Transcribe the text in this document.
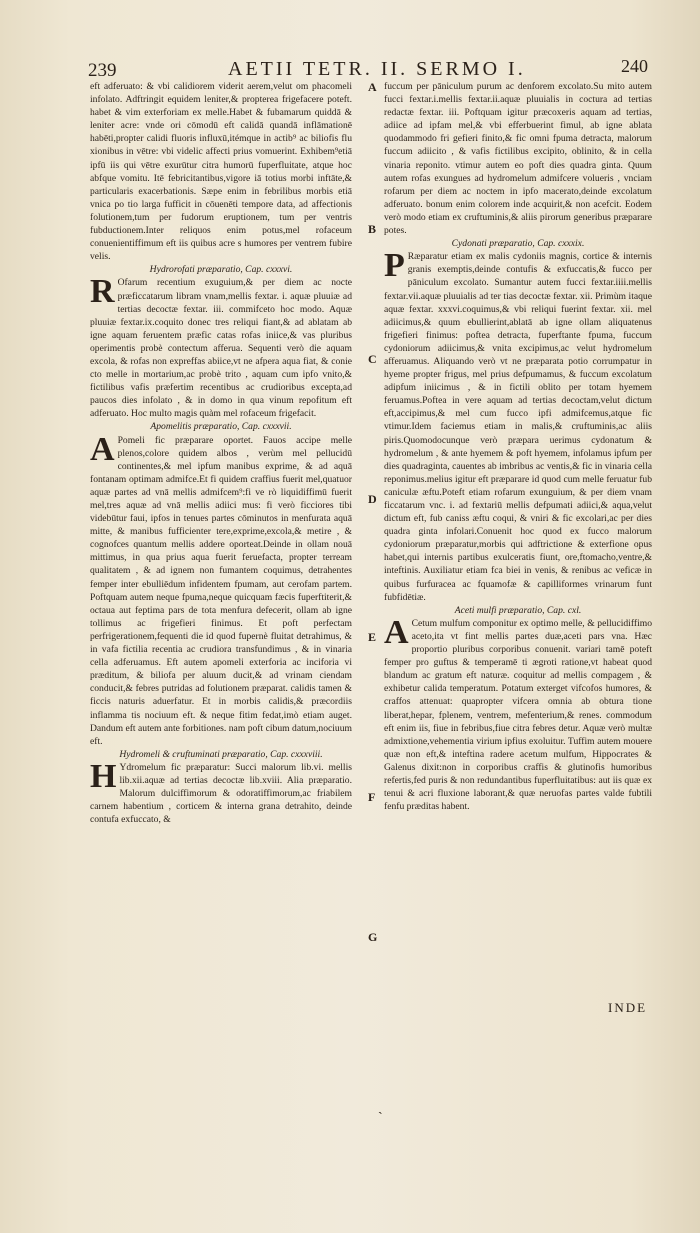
239	AETII TETR. II. SERMO I.	240
A
B
C
D
E
F
G

eft adferuato: & vbi calidiorem viderit aerem,velut om phacomeli infolato. Adftringit equidem leniter,& propterea frigefacere poteft. habet & vim exterforiam ex melle.Habet & fubamarum quiddā & leniter acre: vnde ori cōmodū eft calidā quandā inflāmationē habēti,propter calidi fluoris influxū,itémque in actib⁹ ac biliofis flu xionibus in vētre: vbi videlic affecti prius vomuerint. Exhibem⁹etiā ipfū iis qui vētre exurūtur citra humorū fuperfluitate, atque hoc abfque vomitu. Itē febricitantibus,vigore iā totius morbi inftāte,& particularis exacerbationis. Sæpe enim in febrilibus morbis etiā vnica po tio larga fufficit in cōuenēti tempore data, ad affectionis folutionem,tum per fudorum eruptionem, tum per ventris fubductionem.Inter reliquos enim potus,mel rofaceum conuenientiffimum eft iis quibus acre s humores per ventrem fubire velis.

Hydrorofati præparatio, Cap. cxxxvi.

R Ofarum recentium exuguium,& per diem ac nocte præficcatarum libram vnam,mellis fextar. i. aquæ pluuiæ ad tertias decoctæ fextar. iii. commifceto hoc modo. Aquæ pluuiæ fextar.ix.coquito donec tres reliqui fiant,& ad ablatam ab igne aquam feruentem præfic catas rofas iniice,& vas pluribus operimentis probè contectum afferua. Sequenti verò die aquam excola, & rofas non expreffas abiice,vt ne afpera aqua fiat, & conie cto melle in mortarium,ac probè trito , aquam cum ipfo vnito,& fictilibus vafis præfertim recentibus ac crudioribus excepta,ad paucos dies infolato , & in domo in qua vinum repofitum eft adferuato. Hoc multo magis quàm mel rofaceum frigefacit.

Apomelitis præparatio, Cap. cxxxvii.

A Pomeli fic præparare oportet. Fauos accipe melle plenos,colore quidem albos , verùm mel pellucidū continentes,& mel ipfum manibus exprime, & ad aquā fontanam optimam admifce.Et fi quidem craffius fuerit mel,quatuor aquæ partes ad vnā mellis admifcem⁹:fi ve rò liquidiffimū fuerit mel,tres aquæ ad vnā mellis adiici mus: fi verò ficciores tibi videbūtur faui, ipfos in tenues partes cōminutos in menfurata aquā mitte, & manibus fufficienter tere,exprime,excola,& metire , & cognofces quantum mellis addere oporteat.Deinde in ollam nouā mittimus, in qua prius aqua fuerit feruefacta, propter terream qualitatem , & ad ignem non fumantem coquimus, detrahentes femper inter ebulliēdum infidentem fpumam, aut cerofam partem. Poftquam autem neque fpuma,neque quicquam fæcis fuperftiterit,& octaua aut feptima pars de tota menfura defecerit, ollam ab igne tollimus ac frigefieri finimus. Et poft perfectam perfrigerationem,fequenti die id quod fupernè fluitat detrahimus, & in vafa fictilia recentia ac crudiora transfundimus , & in vinaria cella adferuamus. Eft autem apomeli exterforia ac inciforia vi præditum, & biliofa per aluum ducit,& ad vrinam ciendam conducit,& febres putridas ad folutionem præparat. calidis tamen & ficcis naturis aduerfatur. Et in morbis calidis,& præcordiis inflamma tis nociuum eft. & neque fitim fedat,imò etiam auget. Dandum eft autem ante forbitiones. nam poft cibum datum,nociuum eft.

Hydromeli & cruftuminati præparatio, Cap. cxxxviii.

H Ydromelum fic præparatur: Succi malorum lib.vi. mellis lib.xii.aquæ ad tertias decoctæ lib.xviii. Alia præparatio. Malorum dulciffimorum & odoratiffimorum,ac friabilem carnem habentium , corticem & interna grana detrahito, deinde contufa exfuccato, &

fuccum per pāniculum purum ac denforem excolato.Su mito autem fucci fextar.i.mellis fextar.ii.aquæ pluuialis in coctura ad tertias redactæ fextar. iii. Poftquam igitur præcoxeris aquam ad tertias, adiice ad ipfam mel,& vbi efferbuerint fimul, ab igne ablata quodammodo fri gefieri finito,& fic omni fpuma detracta, malorum fuccum adiicito , & vafis fictilibus excipito, oblinito, & in cella vinaria reponito. vtimur autem eo poft dies quadra ginta. Quum autem rofas exungues ad hydromelum admifcere volueris , vnciam rofarum per diem ac noctem in ipfo macerato,deinde excolatum adferuato. bonum enim colorem inde acquirit,& non acefcit. Eodem verò modo etiam ex cruftuminis,& aliis pirorum generibus præparare potes.

Cydonati præparatio, Cap. cxxxix.

P Ræparatur etiam ex malis cydoniis magnis, cortice & internis granis exemptis,deinde contufis & exfuccatis,& fucco per pāniculum excolato. Sumantur autem fucci fextar.iiii.mellis fextar.vii.aquæ pluuialis ad ter tias decoctæ fextar. xii. Primùm itaque aquæ fextar. xxxvi.coquimus,& vbi reliqui fuerint fextar. xii. mel adiicimus,& quum ebullierint,ablatā ab igne ollam aliquatenus frigefieri finimus: poftea detracta, fuperftante fpuma, fuccum cydoniorum adiicimus,& vnita excipimus,ac velut hydromelum afferuamus. Aliquando verò vt ne præparata potio corrumpatur in hyeme propter frigus, mel prius defpumamus, & fuccum excolatum adipfum iniicimus , & in fictili oblito per totam hyemem feruamus.Poftea in vere aquam ad tertias decoctam,velut dictum eft,accipimus,& mel cum fucco ipfi admifcemus,atque fic vtimur.Idem faciemus etiam in malis,& cruftuminis,ac aliis piris.Quomodocunque verò præpara uerimus cydonatum & hydromelum , & ante hyemem & poft hyemem, infolamus ipfum per dies quadraginta, cauentes ab imbribus ac ventis,& fic in vinaria cella reponimus.melius igitur eft præparare id quod cum melle feruatur fub caniculæ æftu.Poteft etiam rofarum exunguium, & per diem vnam ficcatarum vnc. i. ad fextariū mellis defpumati adiici,& aqua,velut dictum eft, fub caniss æftu coqui, & vniri & fic excolari,ac per dies quadra ginta infolari.Conuenit hoc quod ex fucco malorum cydoniorum præparatur,morbis qui adftrictione & exterfione opus habet,qui internis partibus exulceratis fiunt, ore,ftomacho,ventre,& inteftinis. Auxiliatur etiam fca biei in venis, & renibus ac veficæ in quibus furfuracea ac fquamofæ & capilliformes vrinarum funt fubfidētiæ.

Aceti mulfi præparatio, Cap. cxl.

A Cetum mulfum componitur ex optimo melle, & pellucidiffimo aceto,ita vt fint mellis partes duæ,aceti pars vna. Hæc proportio pluribus corporibus conuenit. variari tamē poteft femper pro guftus & temperamē ti ægroti ratione,vt habeat quod blandum ac gratum eft naturæ. coquitur ad mellis compagem , & exhibetur calida temperatum. Potatum exterget vifcofos humores, & craffos attenuat: quapropter vifcera omnia ab obtura tione liberat,hepar, fplenem, ventrem, mefenterium,& renes. commodum eft enim iis, fiue in febribus,fiue citra febres detur. Aquæ verò multæ admixtione,vehementia virium ipfius exoluitur. Tuffim autem mouere quæ non eft,& inteftina radere acetum mulfum, Hippocrates & Galenus dixit:non in corporibus craffis & glutinofis humoribus refertis,fed puris & non redundantibus fuperfluitatibus: aut iis quæ ex tenui & acri fluxione laborant,& quæ neruofas partes valde fubtili fenfu præditas habent.

INDE
ˏ
